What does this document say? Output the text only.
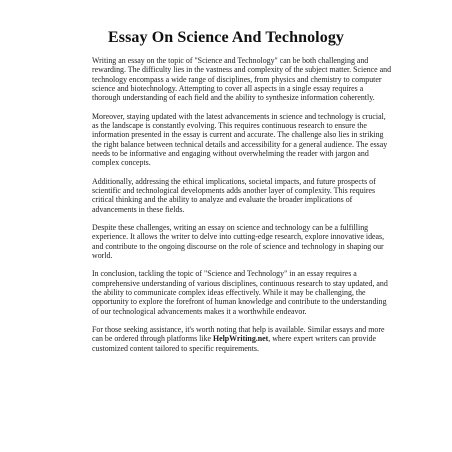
Essay On Science And Technology

Writing an essay on the topic of "Science and Technology" can be both challenging and rewarding. The difficulty lies in the vastness and complexity of the subject matter. Science and technology encompass a wide range of disciplines, from physics and chemistry to computer science and biotechnology. Attempting to cover all aspects in a single essay requires a thorough understanding of each field and the ability to synthesize information coherently.

Moreover, staying updated with the latest advancements in science and technology is crucial, as the landscape is constantly evolving. This requires continuous research to ensure the information presented in the essay is current and accurate. The challenge also lies in striking the right balance between technical details and accessibility for a general audience. The essay needs to be informative and engaging without overwhelming the reader with jargon and complex concepts.

Additionally, addressing the ethical implications, societal impacts, and future prospects of scientific and technological developments adds another layer of complexity. This requires critical thinking and the ability to analyze and evaluate the broader implications of advancements in these fields.

Despite these challenges, writing an essay on science and technology can be a fulfilling experience. It allows the writer to delve into cutting-edge research, explore innovative ideas, and contribute to the ongoing discourse on the role of science and technology in shaping our world.

In conclusion, tackling the topic of "Science and Technology" in an essay requires a comprehensive understanding of various disciplines, continuous research to stay updated, and the ability to communicate complex ideas effectively. While it may be challenging, the opportunity to explore the forefront of human knowledge and contribute to the understanding of our technological advancements makes it a worthwhile endeavor.

For those seeking assistance, it's worth noting that help is available. Similar essays and more can be ordered through platforms like HelpWriting.net, where expert writers can provide customized content tailored to specific requirements.
